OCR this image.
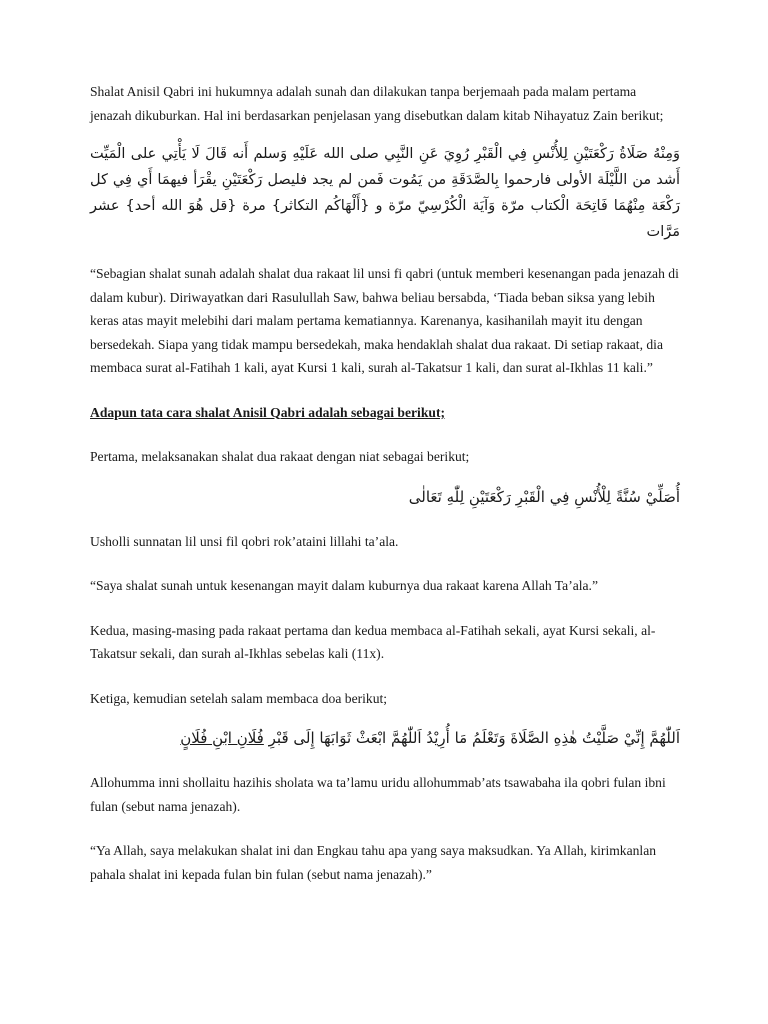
Shalat Anisil Qabri ini hukumnya adalah sunah dan dilakukan tanpa berjemaah pada malam pertama jenazah dikuburkan. Hal ini berdasarkan penjelasan yang disebutkan dalam kitab Nihayatuz Zain berikut;

وَمِنْهُ صَلَاةُ رَكْعَتَيْنِ لِلأُنْسِ فِي الْقَبْرِ رُوِيَ عَنِ النَّبِي صلى الله عَلَيْهِ وَسلم أَنه قَالَ لَا يَأْتِي على الْمَيِّت أَشد من اللَّيْلَة الأولى فارحموا بِالصَّدَقَةِ من يَمُوت فَمن لم يجد فليصل رَكْعَتَيْنِ يقْرَأ فيهمَا أَي فِي كل رَكْعَة مِنْهُمَا فَاتِحَة الْكتاب مرّة وَآيَة الْكُرْسِيّ مرّة و {أَلْهَاكُم التكاثر} مرة {قل هُوَ الله أحد} عشر مَرَّات

“Sebagian shalat sunah adalah shalat dua rakaat lil unsi fi qabri (untuk memberi kesenangan pada jenazah di dalam kubur). Diriwayatkan dari Rasulullah Saw, bahwa beliau bersabda, ‘Tiada beban siksa yang lebih keras atas mayit melebihi dari malam pertama kematiannya. Karenanya, kasihanilah mayit itu dengan bersedekah. Siapa yang tidak mampu bersedekah, maka hendaklah shalat dua rakaat. Di setiap rakaat, dia membaca surat al-Fatihah 1 kali, ayat Kursi 1 kali, surah al-Takatsur 1 kali, dan surat al-Ikhlas 11 kali.”

Adapun tata cara shalat Anisil Qabri adalah sebagai berikut;

Pertama, melaksanakan shalat dua rakaat dengan niat sebagai berikut;

أُصَلِّيْ سُنَّةً لِلْأُنْسِ فِي الْقَبْرِ رَكْعَتَيْنِ لِلّٰهِ تَعَالٰى

Usholli sunnatan lil unsi fil qobri rok’ataini lillahi ta’ala.

“Saya shalat sunah untuk kesenangan mayit dalam kuburnya dua rakaat karena Allah Ta’ala.”

Kedua, masing-masing pada rakaat pertama dan kedua membaca al-Fatihah sekali, ayat Kursi sekali, al-Takatsur sekali, dan surah al-Ikhlas sebelas kali (11x).

Ketiga, kemudian setelah salam membaca doa berikut;

اَللّٰهُمَّ إِنِّيْ صَلَّيْتُ هٰذِهِ الصَّلَاةَ وَتَعْلَمُ مَا أُرِيْدُ اَللّٰهُمَّ ابْعَثْ ثَوَابَهَا إِلَى قَبْرِ فُلَانِ ابْنِ فُلَانٍ

Allohumma inni shollaitu hazihis sholata wa ta’lamu uridu allohummab’ats tsawabaha ila qobri fulan ibni fulan (sebut nama jenazah).

“Ya Allah, saya melakukan shalat ini dan Engkau tahu apa yang saya maksudkan. Ya Allah, kirimkanlan pahala shalat ini kepada fulan bin fulan (sebut nama jenazah).”
